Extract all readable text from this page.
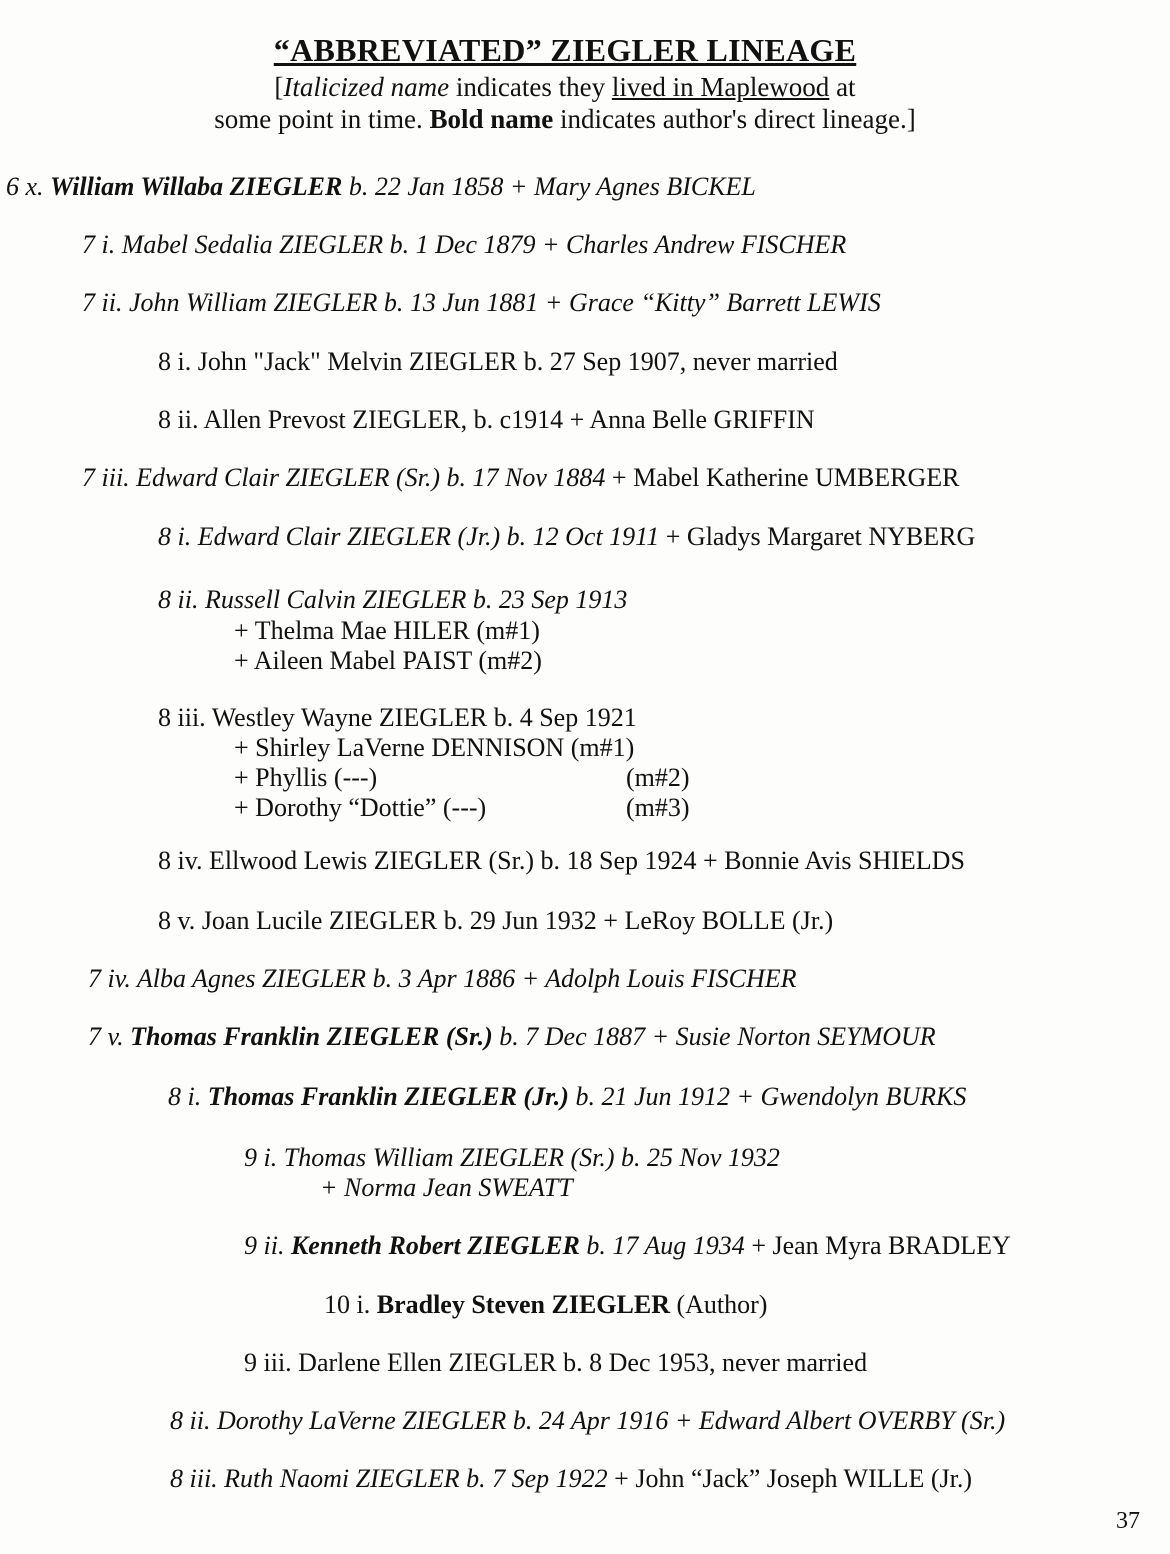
“ABBREVIATED” ZIEGLER LINEAGE
[Italicized name indicates they lived in Maplewood at
some point in time. Bold name indicates author's direct lineage.]
6 x. William Willaba ZIEGLER b. 22 Jan 1858 + Mary Agnes BICKEL
7 i. Mabel Sedalia ZIEGLER b. 1 Dec 1879 + Charles Andrew FISCHER
7 ii. John William ZIEGLER b. 13 Jun 1881 + Grace “Kitty” Barrett LEWIS
8 i. John "Jack" Melvin ZIEGLER b. 27 Sep 1907, never married
8 ii. Allen Prevost ZIEGLER, b. c1914 + Anna Belle GRIFFIN
7 iii. Edward Clair ZIEGLER (Sr.) b. 17 Nov 1884 + Mabel Katherine UMBERGER
8 i. Edward Clair ZIEGLER (Jr.) b. 12 Oct 1911 + Gladys Margaret NYBERG
8 ii. Russell Calvin ZIEGLER b. 23 Sep 1913
+ Thelma Mae HILER (m#1)
+ Aileen Mabel PAIST (m#2)
8 iii. Westley Wayne ZIEGLER b. 4 Sep 1921
+ Shirley LaVerne DENNISON (m#1)
+ Phyllis (---)	(m#2)
+ Dorothy “Dottie” (---)	(m#3)
8 iv. Ellwood Lewis ZIEGLER (Sr.) b. 18 Sep 1924 + Bonnie Avis SHIELDS
8 v. Joan Lucile ZIEGLER b. 29 Jun 1932 + LeRoy BOLLE (Jr.)
7 iv. Alba Agnes ZIEGLER b. 3 Apr 1886 + Adolph Louis FISCHER
7 v. Thomas Franklin ZIEGLER (Sr.) b. 7 Dec 1887 + Susie Norton SEYMOUR
8 i. Thomas Franklin ZIEGLER (Jr.) b. 21 Jun 1912 + Gwendolyn BURKS
9 i. Thomas William ZIEGLER (Sr.) b. 25 Nov 1932
+ Norma Jean SWEATT
9 ii. Kenneth Robert ZIEGLER b. 17 Aug 1934 + Jean Myra BRADLEY
10 i. Bradley Steven ZIEGLER (Author)
9 iii. Darlene Ellen ZIEGLER b. 8 Dec 1953, never married
8 ii. Dorothy LaVerne ZIEGLER b. 24 Apr 1916 + Edward Albert OVERBY (Sr.)
8 iii. Ruth Naomi ZIEGLER b. 7 Sep 1922 + John “Jack” Joseph WILLE (Jr.)
37
